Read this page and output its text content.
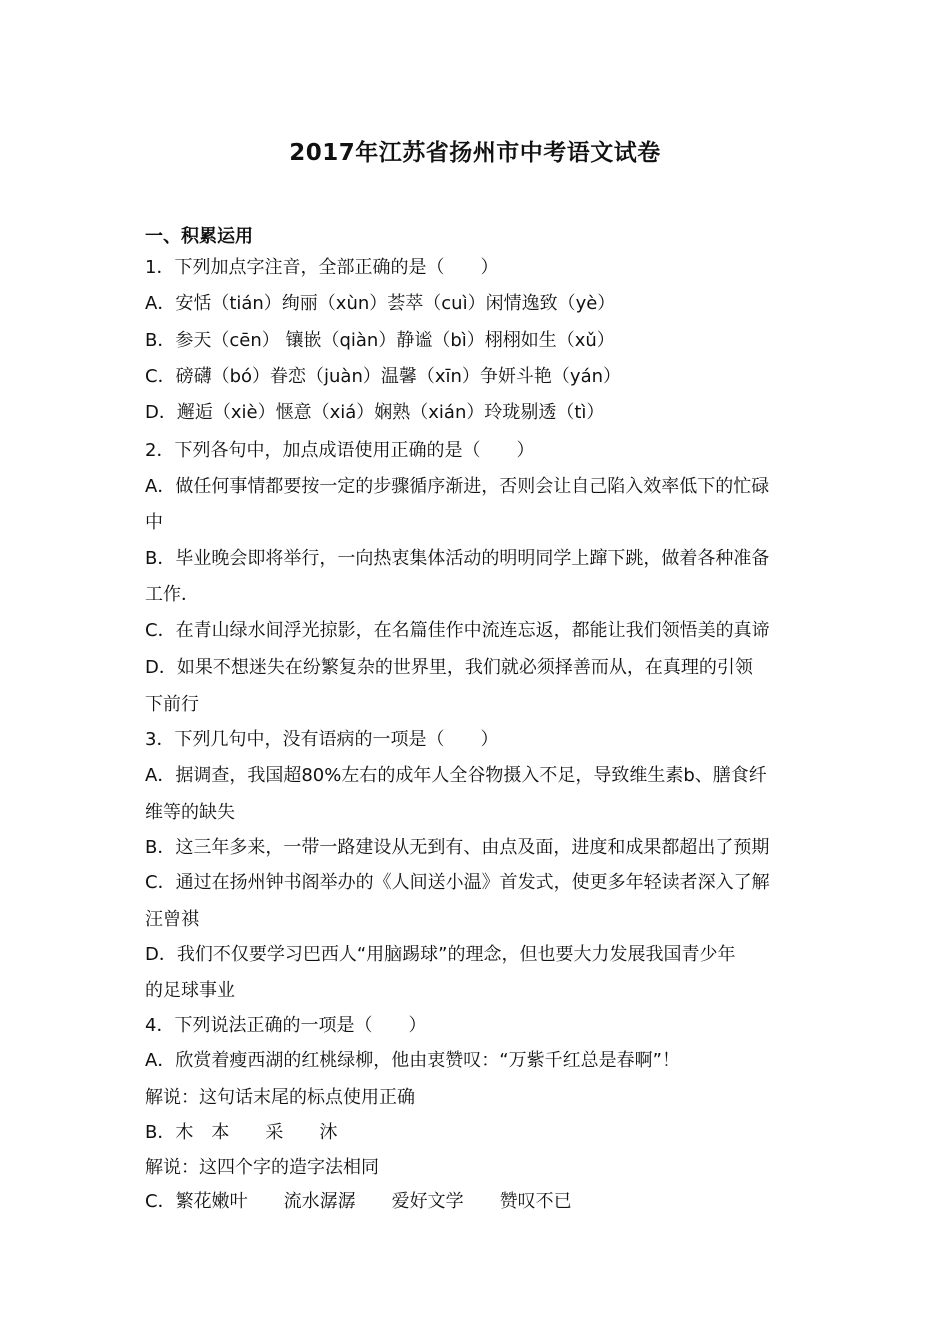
2017年江苏省扬州市中考语文试卷
一、积累运用
1．下列加点字注音，全部正确的是（　　）
A．安恬（tián）绚丽（xùn）荟萃（cuì）闲情逸致（yè）
B．参天（cēn） 镶嵌（qiàn）静谧（bì）栩栩如生（xǔ）
C．磅礴（bó）眷恋（juàn）温馨（xīn）争妍斗艳（yán）
D．邂逅（xiè）惬意（xiá）娴熟（xián）玲珑剔透（tì）
2．下列各句中，加点成语使用正确的是（　　）
A．做任何事情都要按一定的步骤循序渐进，否则会让自己陷入效率低下的忙碌
中
B．毕业晚会即将举行，一向热衷集体活动的明明同学上蹿下跳，做着各种准备
工作．
C．在青山绿水间浮光掠影，在名篇佳作中流连忘返，都能让我们领悟美的真谛
D．如果不想迷失在纷繁复杂的世界里，我们就必须择善而从，在真理的引领
下前行
3．下列几句中，没有语病的一项是（　　）
A．据调查，我国超80%左右的成年人全谷物摄入不足，导致维生素b、膳食纤
维等的缺失
B．这三年多来，一带一路建设从无到有、由点及面，进度和成果都超出了预期
C．通过在扬州钟书阁举办的《人间送小温》首发式，使更多年轻读者深入了解
汪曾祺
D．我们不仅要学习巴西人“用脑踢球”的理念，但也要大力发展我国青少年
的足球事业
4．下列说法正确的一项是（　　）
A．欣赏着瘦西湖的红桃绿柳，他由衷赞叹：“万紫千红总是春啊”！
解说：这句话末尾的标点使用正确
B．木　本　　采　　沐
解说：这四个字的造字法相同
C．繁花嫩叶　　流水潺潺　　爱好文学　　赞叹不已
